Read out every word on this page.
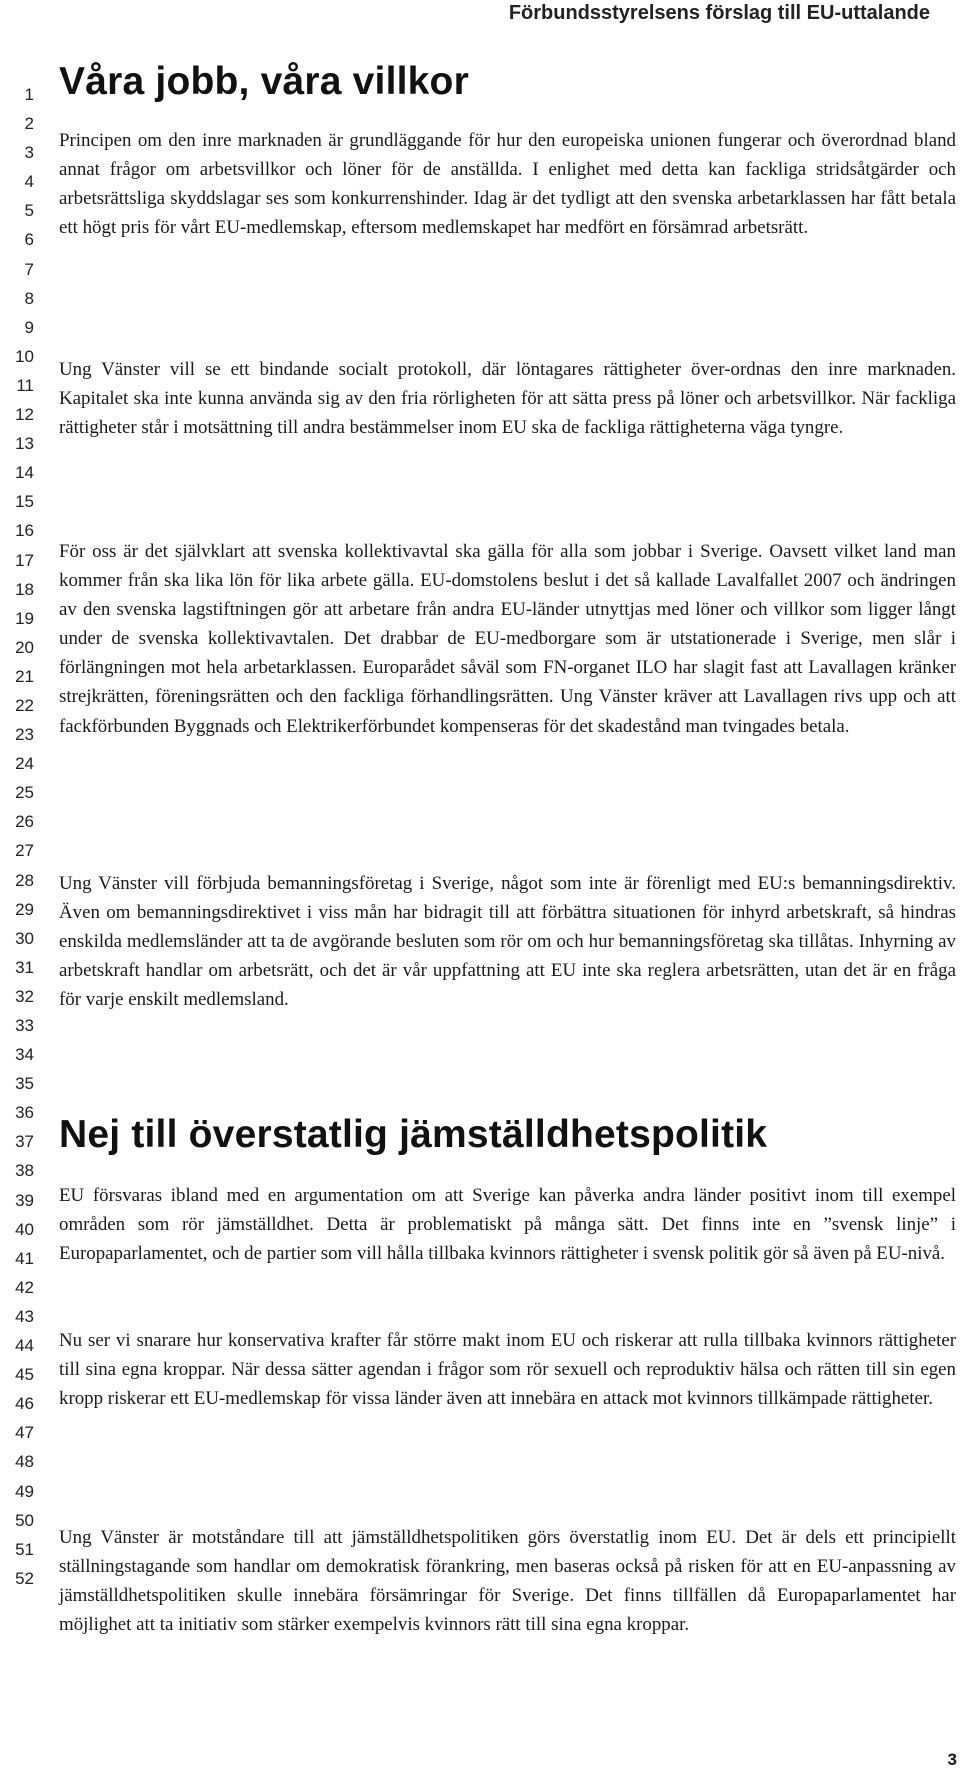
Förbundsstyrelsens förslag till EU-uttalande
1
2
3
4
5
6
7
8
9
10
11
12
13
14
15
16
17
18
19
20
21
22
23
24
25
26
27
28
29
30
31
32
33
34
35
36
37
38
39
40
41
42
43
44
45
46
47
48
49
50
51
52
Våra jobb, våra villkor

Principen om den inre marknaden är grundläggande för hur den europeiska unionen fungerar och överordnad bland annat frågor om arbetsvillkor och löner för de anställda. I enlighet med detta kan fackliga stridsåtgärder och arbetsrättsliga skyddslagar ses som konkurrenshinder. Idag är det tydligt att den svenska arbetarklassen har fått betala ett högt pris för vårt EU-medlemskap, eftersom medlemskapet har medfört en försämrad arbetsrätt.

Ung Vänster vill se ett bindande socialt protokoll, där löntagares rättigheter över-ordnas den inre marknaden. Kapitalet ska inte kunna använda sig av den fria rörligheten för att sätta press på löner och arbetsvillkor. När fackliga rättigheter står i motsättning till andra bestämmelser inom EU ska de fackliga rättigheterna väga tyngre.

För oss är det självklart att svenska kollektivavtal ska gälla för alla som jobbar i Sverige. Oavsett vilket land man kommer från ska lika lön för lika arbete gälla. EU-domstolens beslut i det så kallade Lavalfallet 2007 och ändringen av den svenska lagstiftningen gör att arbetare från andra EU-länder utnyttjas med löner och villkor som ligger långt under de svenska kollektivavtalen. Det drabbar de EU-medborgare som är utstationerade i Sverige, men slår i förlängningen mot hela arbetarklassen. Europarådet såväl som FN-organet ILO har slagit fast att Lavallagen kränker strejkrätten, föreningsrätten och den fackliga förhandlingsrätten. Ung Vänster kräver att Lavallagen rivs upp och att fackförbunden Byggnads och Elektrikerförbundet kompenseras för det skadestånd man tvingades betala.

Ung Vänster vill förbjuda bemanningsföretag i Sverige, något som inte är förenligt med EU:s bemanningsdirektiv. Även om bemanningsdirektivet i viss mån har bidragit till att förbättra situationen för inhyrd arbetskraft, så hindras enskilda medlemsländer att ta de avgörande besluten som rör om och hur bemanningsföretag ska tillåtas. Inhyrning av arbetskraft handlar om arbetsrätt, och det är vår uppfattning att EU inte ska reglera arbetsrätten, utan det är en fråga för varje enskilt medlemsland.

Nej till överstatlig jämställdhetspolitik

EU försvaras ibland med en argumentation om att Sverige kan påverka andra länder positivt inom till exempel områden som rör jämställdhet. Detta är problematiskt på många sätt. Det finns inte en ”svensk linje” i Europaparlamentet, och de partier som vill hålla tillbaka kvinnors rättigheter i svensk politik gör så även på EU-nivå.

Nu ser vi snarare hur konservativa krafter får större makt inom EU och riskerar att rulla tillbaka kvinnors rättigheter till sina egna kroppar. När dessa sätter agendan i frågor som rör sexuell och reproduktiv hälsa och rätten till sin egen kropp riskerar ett EU-medlemskap för vissa länder även att innebära en attack mot kvinnors tillkämpade rättigheter.

Ung Vänster är motståndare till att jämställdhetspolitiken görs överstatlig inom EU. Det är dels ett principiellt ställningstagande som handlar om demokratisk förankring, men baseras också på risken för att en EU-anpassning av jämställdhetspolitiken skulle innebära försämringar för Sverige. Det finns tillfällen då Europaparlamentet har möjlighet att ta initiativ som stärker exempelvis kvinnors rätt till sina egna kroppar.

3
